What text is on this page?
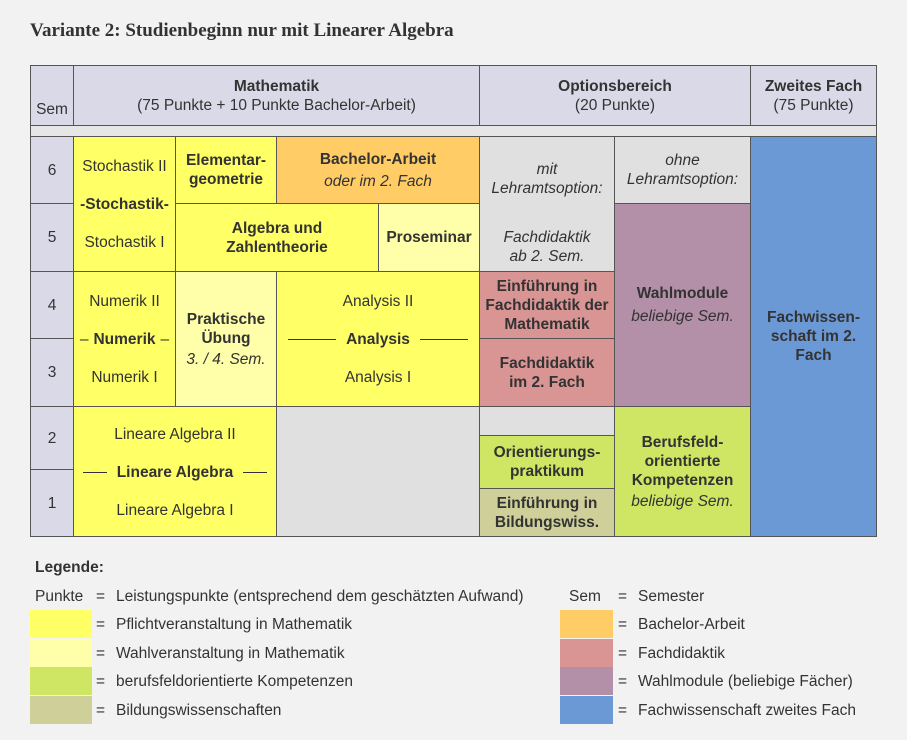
Variante 2: Studienbeginn nur mit Linearer Algebra
Sem
Mathematik
(75 Punkte + 10 Punkte Bachelor-Arbeit)
Optionsbereich
(20 Punkte)
Zweites Fach
(75 Punkte)
6
5
4
3
2
1
Stochastik II
-Stochastik-
Stochastik I
Elementar-geometrie
Bachelor-Arbeit
oder im 2. Fach
Algebra und Zahlentheorie
Proseminar
Numerik II
– Numerik –
Numerik I
Praktische Übung
3. / 4. Sem.
Analysis II
Analysis
Analysis I
Lineare Algebra II
Lineare Algebra
Lineare Algebra I
mit Lehramtsoption:
Fachdidaktik
ab 2. Sem.
ohne Lehramtsoption:
Einführung in Fachdidaktik der Mathematik
Fachdidaktik im 2. Fach
Wahlmodule
beliebige Sem.
Orientierungs-praktikum
Einführung in Bildungswiss.
Berufsfeld-orientierte Kompetenzen
beliebige Sem.
Fachwissen-schaft im 2. Fach
Legende:
Punkte = Leistungspunkte (entsprechend dem geschätzten Aufwand)
= Pflichtveranstaltung in Mathematik
= Wahlveranstaltung in Mathematik
= berufsfeldorientierte Kompetenzen
= Bildungswissenschaften
Sem = Semester
= Bachelor-Arbeit
= Fachdidaktik
= Wahlmodule (beliebige Fächer)
= Fachwissenschaft zweites Fach
